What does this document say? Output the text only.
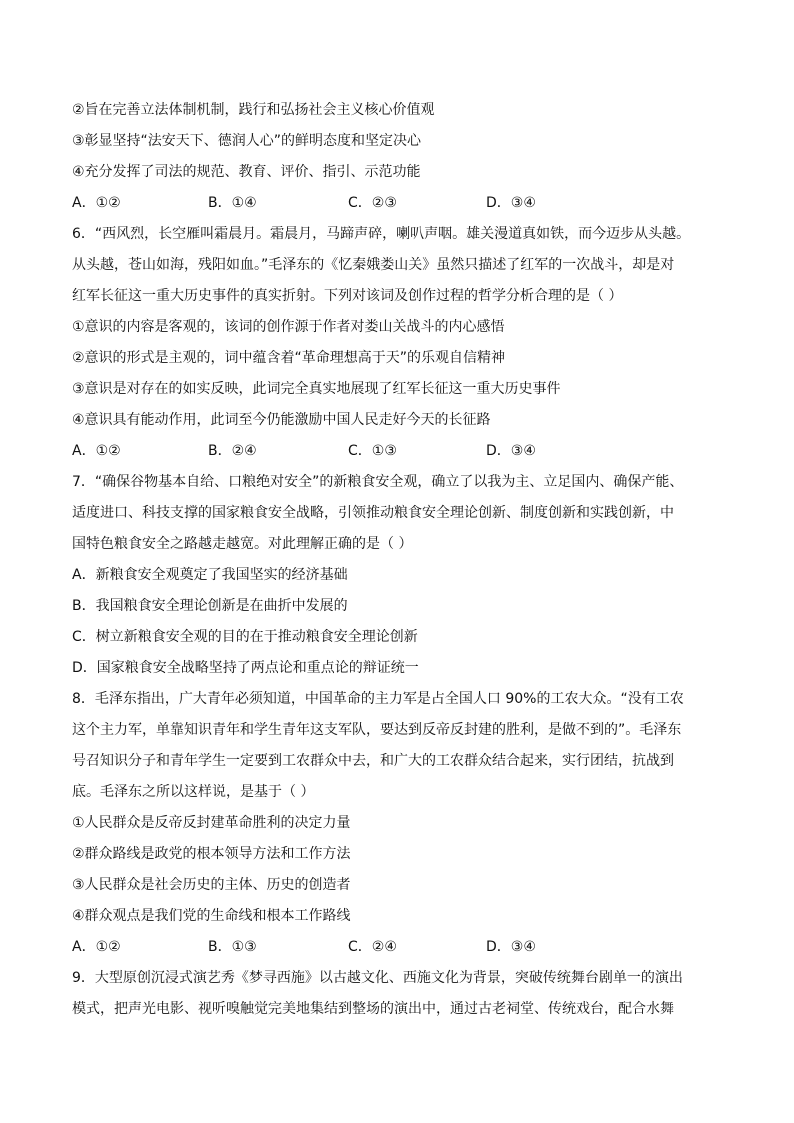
②旨在完善立法体制机制，践行和弘扬社会主义核心价值观
③彰显坚持“法安天下、德润人心”的鲜明态度和坚定决心
④充分发挥了司法的规范、教育、评价、指引、示范功能
A．①②	B．①④	C．②③	D．③④
6．“西风烈，长空雁叫霜晨月。霜晨月，马蹄声碎，喇叭声咽。雄关漫道真如铁，而今迈步从头越。
从头越，苍山如海，残阳如血。”毛泽东的《忆秦娥娄山关》虽然只描述了红军的一次战斗，却是对
红军长征这一重大历史事件的真实折射。下列对该词及创作过程的哲学分析合理的是（ ）
①意识的内容是客观的，该词的创作源于作者对娄山关战斗的内心感悟
②意识的形式是主观的，词中蕴含着“革命理想高于天”的乐观自信精神
③意识是对存在的如实反映，此词完全真实地展现了红军长征这一重大历史事件
④意识具有能动作用，此词至今仍能激励中国人民走好今天的长征路
A．①②	B．②④	C．①③	D．③④
7．“确保谷物基本自给、口粮绝对安全”的新粮食安全观，确立了以我为主、立足国内、确保产能、
适度进口、科技支撑的国家粮食安全战略，引领推动粮食安全理论创新、制度创新和实践创新，中
国特色粮食安全之路越走越宽。对此理解正确的是（ ）
A．新粮食安全观奠定了我国坚实的经济基础
B．我国粮食安全理论创新是在曲折中发展的
C．树立新粮食安全观的目的在于推动粮食安全理论创新
D．国家粮食安全战略坚持了两点论和重点论的辩证统一
8．毛泽东指出，广大青年必须知道，中国革命的主力军是占全国人口 90%的工农大众。“没有工农
这个主力军，单靠知识青年和学生青年这支军队，要达到反帝反封建的胜利，是做不到的”。毛泽东
号召知识分子和青年学生一定要到工农群众中去，和广大的工农群众结合起来，实行团结，抗战到
底。毛泽东之所以这样说，是基于（ ）
①人民群众是反帝反封建革命胜利的决定力量
②群众路线是政党的根本领导方法和工作方法
③人民群众是社会历史的主体、历史的创造者
④群众观点是我们党的生命线和根本工作路线
A．①②	B．①③	C．②④	D．③④
9．大型原创沉浸式演艺秀《梦寻西施》以古越文化、西施文化为背景，突破传统舞台剧单一的演出
模式，把声光电影、视听嗅触觉完美地集结到整场的演出中，通过古老祠堂、传统戏台，配合水舞
